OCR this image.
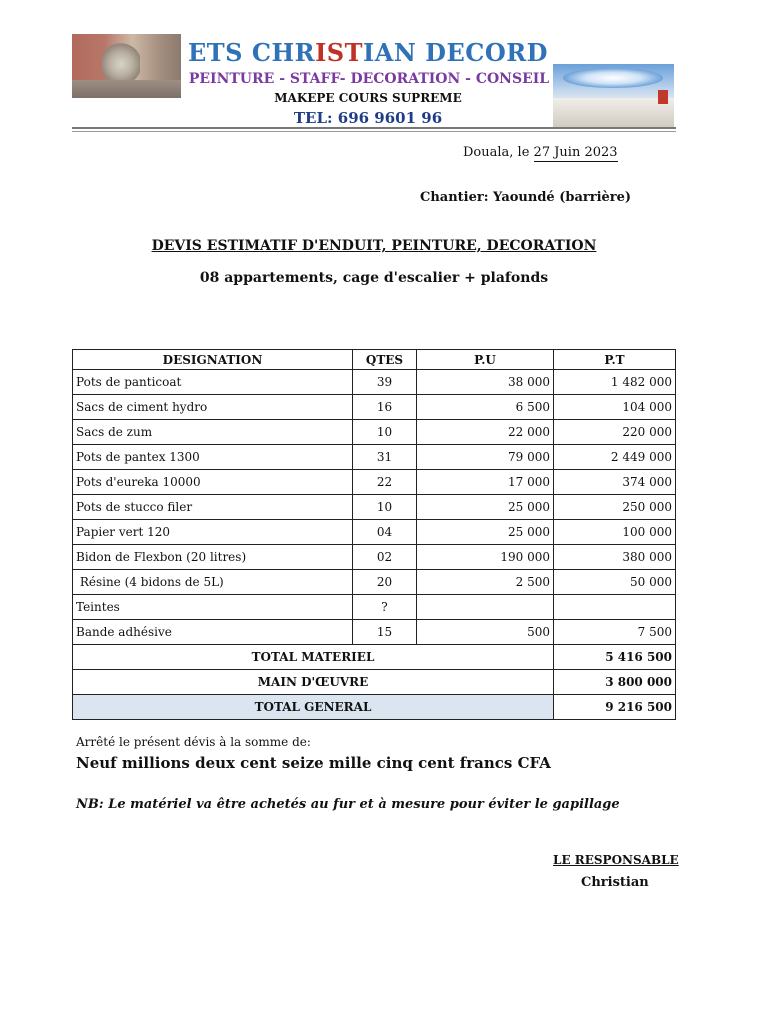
ETS CHRISTIAN DECORD
PEINTURE - STAFF- DECORATION - CONSEIL
MAKEPE COURS SUPREME
TEL: 696 9601 96
Douala, le 27 Juin 2023
Chantier: Yaoundé (barrière)
DEVIS ESTIMATIF D'ENDUIT, PEINTURE, DECORATION
08 appartements, cage d'escalier + plafonds
DESIGNATION	QTES	P.U	P.T
Pots de panticoat	39	38 000	1 482 000
Sacs de ciment hydro	16	6 500	104 000
Sacs de zum	10	22 000	220 000
Pots de pantex 1300	31	79 000	2 449 000
Pots d'eureka 10000	22	17 000	374 000
Pots de stucco filer	10	25 000	250 000
Papier vert 120	04	25 000	100 000
Bidon de Flexbon (20 litres)	02	190 000	380 000
Résine (4 bidons de 5L)	20	2 500	50 000
Teintes	?		
Bande adhésive	15	500	7 500
TOTAL MATERIEL			5 416 500
MAIN D'ŒUVRE			3 800 000
TOTAL GENERAL			9 216 500
Arrêté le présent dévis à la somme de:
Neuf millions deux cent seize mille cinq cent francs CFA
NB: Le matériel va être achetés au fur et à mesure pour éviter le gapillage
LE RESPONSABLE
Christian
